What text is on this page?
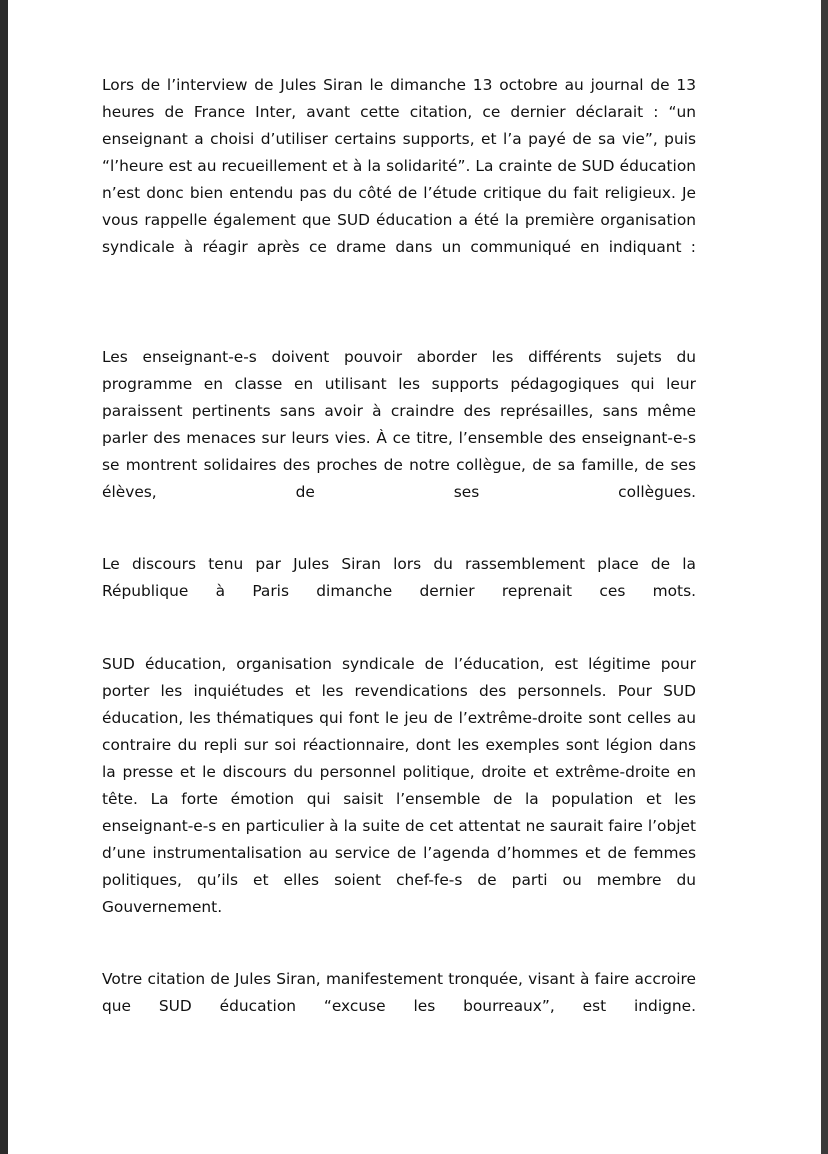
Lors de l’interview de Jules Siran le dimanche 13 octobre au journal de 13 heures de France Inter, avant cette citation, ce dernier déclarait : “un enseignant a choisi d’utiliser certains supports, et l’a payé de sa vie”, puis “l’heure est au recueillement et à la solidarité”. La crainte de SUD éducation n’est donc bien entendu pas du côté de l’étude critique du fait religieux. Je vous rappelle également que SUD éducation a été la première organisation syndicale à réagir après ce drame dans un communiqué en indiquant :

Les enseignant-e-s doivent pouvoir aborder les différents sujets du programme en classe en utilisant les supports pédagogiques qui leur paraissent pertinents sans avoir à craindre des représailles, sans même parler des menaces sur leurs vies. À ce titre, l’ensemble des enseignant-e-s se montrent solidaires des proches de notre collègue, de sa famille, de ses élèves, de ses collègues.

Le discours tenu par Jules Siran lors du rassemblement place de la République à Paris dimanche dernier reprenait ces mots.

SUD éducation, organisation syndicale de l’éducation, est légitime pour porter les inquiétudes et les revendications des personnels. Pour SUD éducation, les thématiques qui font le jeu de l’extrême-droite sont celles au contraire du repli sur soi réactionnaire, dont les exemples sont légion dans la presse et le discours du personnel politique, droite et extrême-droite en tête. La forte émotion qui saisit l’ensemble de la population et les enseignant-e-s en particulier à la suite de cet attentat ne saurait faire l’objet d’une instrumentalisation au service de l’agenda d’hommes et de femmes politiques, qu’ils et elles soient chef-fe-s de parti ou membre du Gouvernement.

Votre citation de Jules Siran, manifestement tronquée, visant à faire accroire que SUD éducation “excuse les bourreaux”, est indigne.
